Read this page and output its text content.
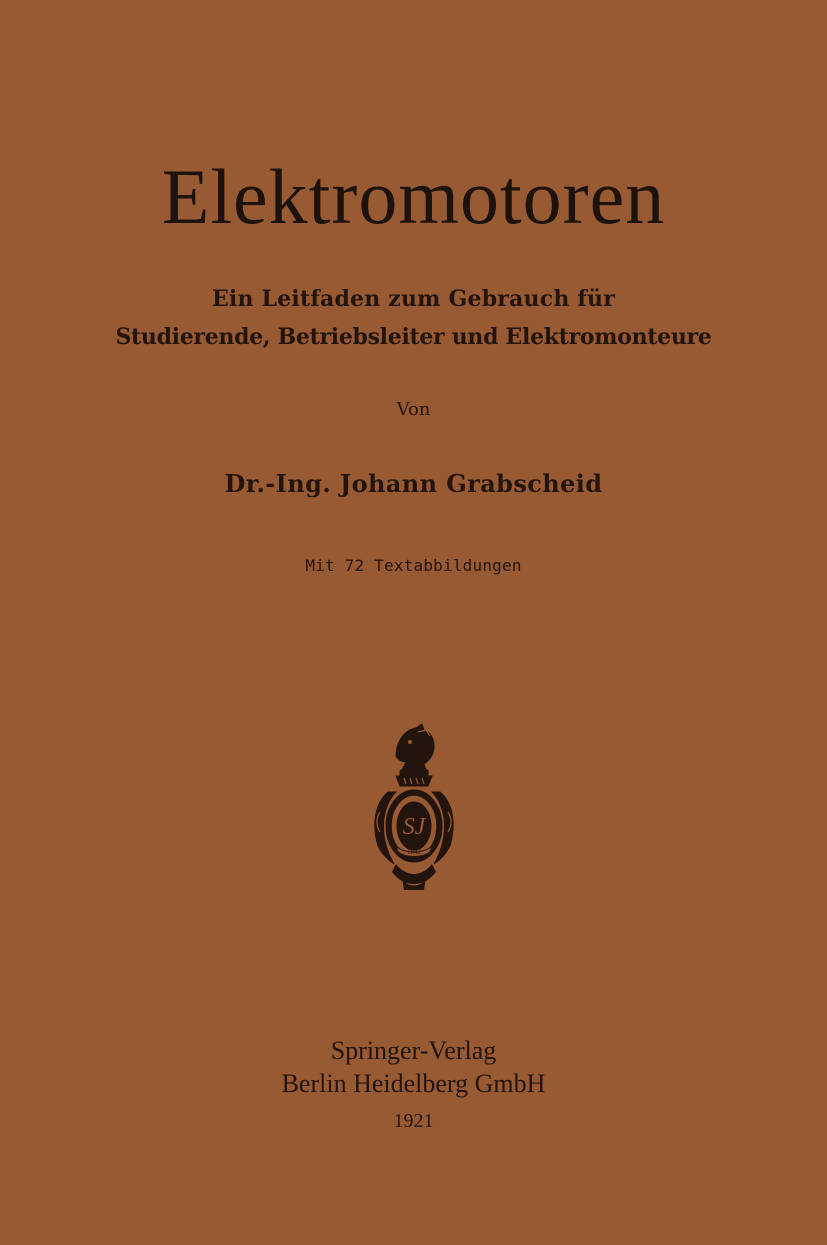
Elektromotoren
Ein Leitfaden zum Gebrauch für
Studierende, Betriebsleiter und Elektromonteure
Von
Dr.-Ing. Johann Grabscheid
Mit 72 Textabbildungen
SJ
1842
Springer-Verlag
Berlin Heidelberg GmbH
1921
